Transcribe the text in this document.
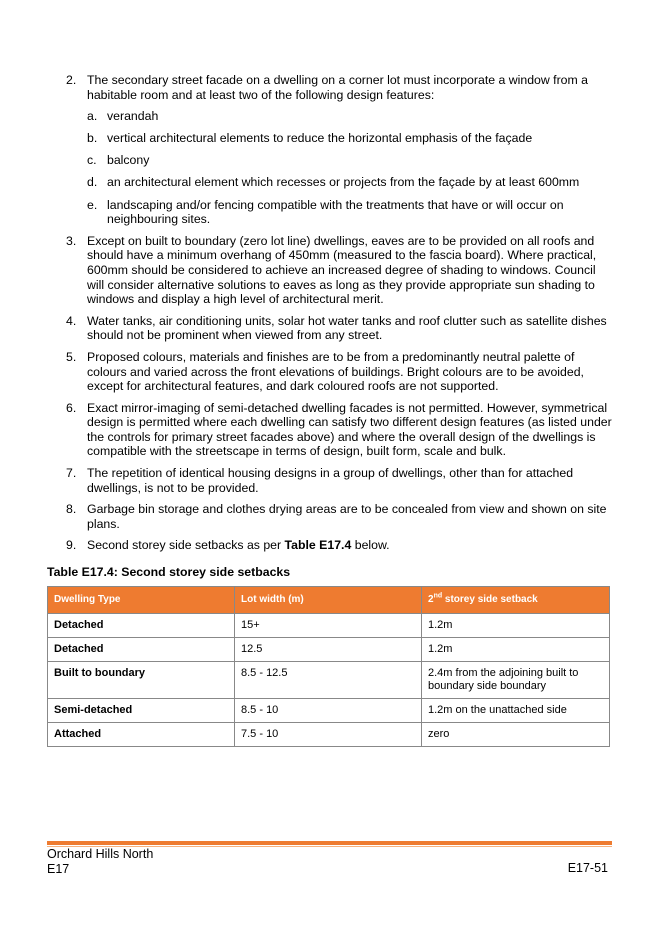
2. The secondary street facade on a dwelling on a corner lot must incorporate a window from a habitable room and at least two of the following design features:
a. verandah
b. vertical architectural elements to reduce the horizontal emphasis of the façade
c. balcony
d. an architectural element which recesses or projects from the façade by at least 600mm
e. landscaping and/or fencing compatible with the treatments that have or will occur on neighbouring sites.
3. Except on built to boundary (zero lot line) dwellings, eaves are to be provided on all roofs and should have a minimum overhang of 450mm (measured to the fascia board). Where practical, 600mm should be considered to achieve an increased degree of shading to windows. Council will consider alternative solutions to eaves as long as they provide appropriate sun shading to windows and display a high level of architectural merit.
4. Water tanks, air conditioning units, solar hot water tanks and roof clutter such as satellite dishes should not be prominent when viewed from any street.
5. Proposed colours, materials and finishes are to be from a predominantly neutral palette of colours and varied across the front elevations of buildings. Bright colours are to be avoided, except for architectural features, and dark coloured roofs are not supported.
6. Exact mirror-imaging of semi-detached dwelling facades is not permitted. However, symmetrical design is permitted where each dwelling can satisfy two different design features (as listed under the controls for primary street facades above) and where the overall design of the dwellings is compatible with the streetscape in terms of design, built form, scale and bulk.
7. The repetition of identical housing designs in a group of dwellings, other than for attached dwellings, is not to be provided.
8. Garbage bin storage and clothes drying areas are to be concealed from view and shown on site plans.
9. Second storey side setbacks as per Table E17.4 below.
Table E17.4: Second storey side setbacks
Dwelling Type	Lot width (m)	2nd storey side setback
Detached	15+	1.2m
Detached	12.5	1.2m
Built to boundary	8.5 - 12.5	2.4m from the adjoining built to boundary side boundary
Semi-detached	8.5 - 10	1.2m on the unattached side
Attached	7.5 - 10	zero
Orchard Hills North
E17	E17-51
